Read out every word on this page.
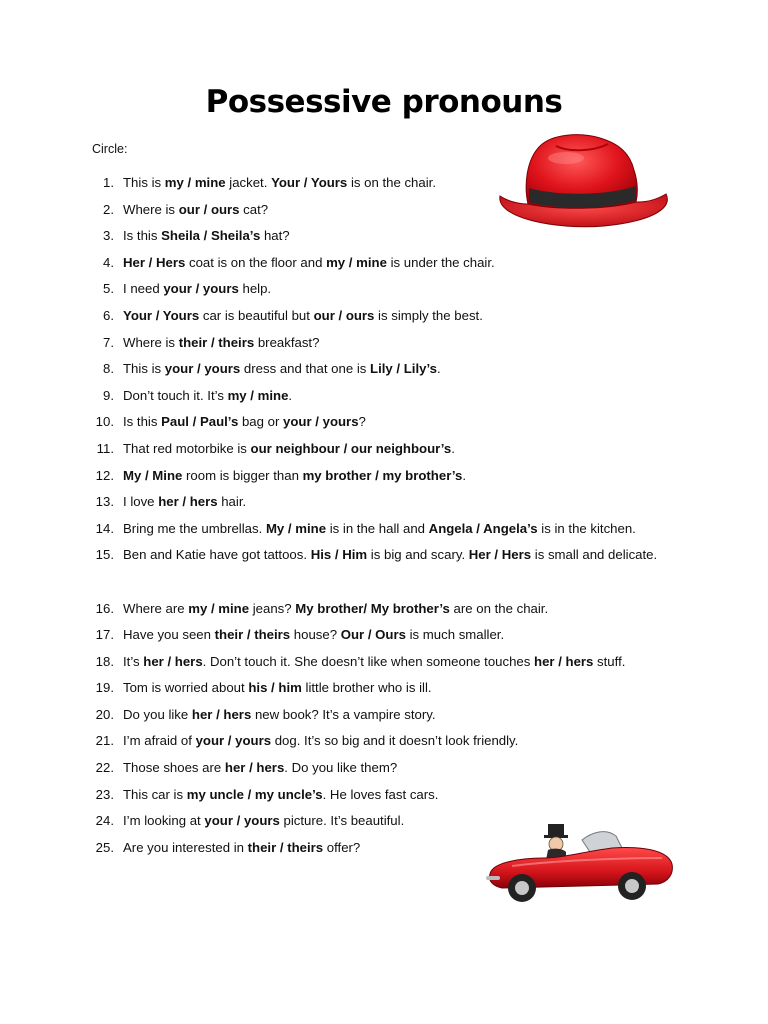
Possessive pronouns
Circle:
1. This is my / mine jacket. Your / Yours is on the chair.
2. Where is our / ours cat?
3. Is this Sheila / Sheila’s hat?
4. Her / Hers coat is on the floor and my / mine is under the chair.
5. I need your / yours help.
6. Your / Yours car is beautiful but our / ours is simply the best.
7. Where is their / theirs breakfast?
8. This is your / yours dress and that one is Lily / Lily’s.
9. Don’t touch it. It’s my / mine.
10. Is this Paul / Paul’s bag or your / yours?
11. That red motorbike is our neighbour / our neighbour’s.
12. My / Mine room is bigger than my brother / my brother’s.
13. I love her / hers hair.
14. Bring me the umbrellas. My / mine is in the hall and Angela / Angela’s is in the kitchen.
15. Ben and Katie have got tattoos. His / Him is big and scary. Her / Hers is small and delicate.
16. Where are my / mine jeans? My brother/ My brother’s are on the chair.
17. Have you seen their / theirs house? Our / Ours is much smaller.
18. It’s her / hers. Don’t touch it. She doesn’t like when someone touches her / hers stuff.
19. Tom is worried about his / him little brother who is ill.
20. Do you like her / hers new book? It’s a vampire story.
21. I’m afraid of your / yours dog. It’s so big and it doesn’t look friendly.
22. Those shoes are her / hers. Do you like them?
23. This car is my uncle / my uncle’s. He loves fast cars.
24. I’m looking at your / yours picture. It’s beautiful.
25. Are you interested in their / theirs offer?
